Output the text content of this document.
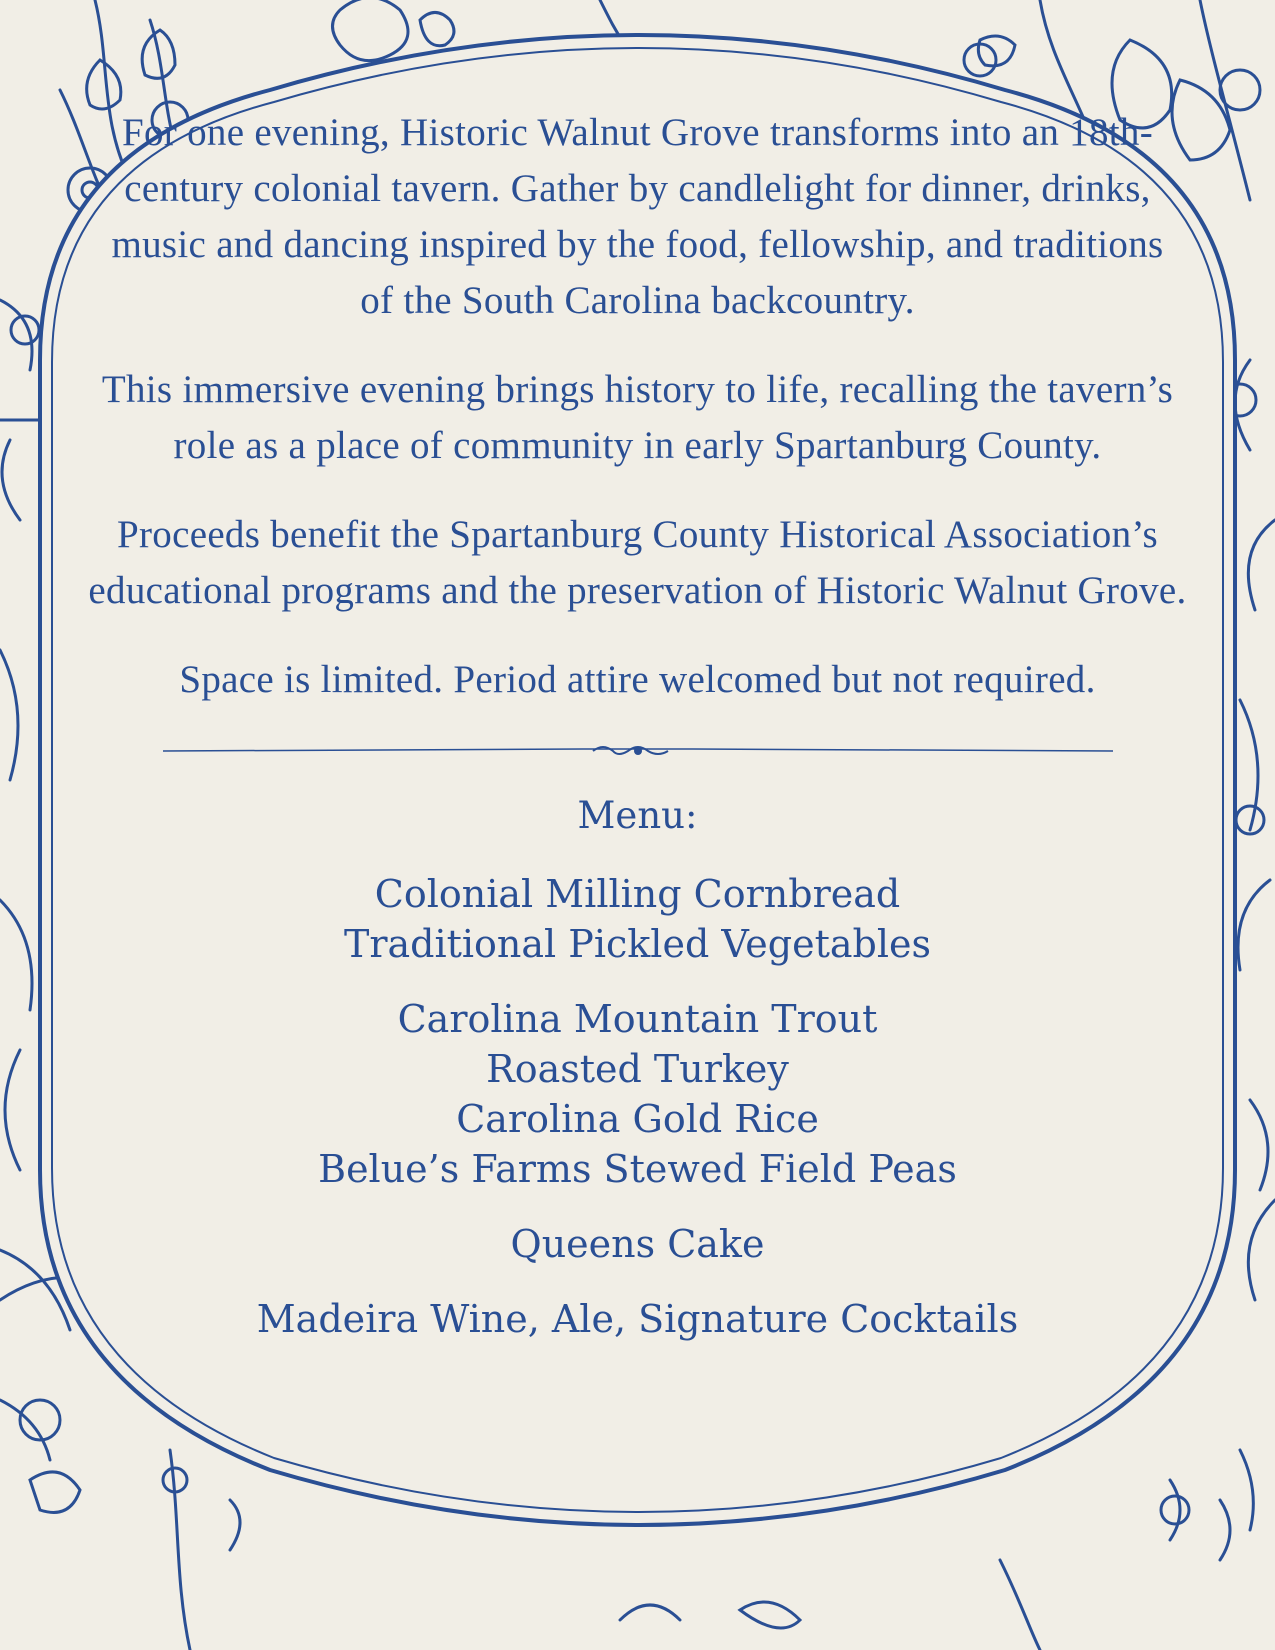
For one evening, Historic Walnut Grove transforms into an 18th-century colonial tavern. Gather by candlelight for dinner, drinks, music and dancing inspired by the food, fellowship, and traditions of the South Carolina backcountry.

This immersive evening brings history to life, recalling the tavern’s role as a place of community in early Spartanburg County.

Proceeds benefit the Spartanburg County Historical Association’s educational programs and the preservation of Historic Walnut Grove.

Space is limited. Period attire welcomed but not required.

Menu:
Colonial Milling Cornbread
Traditional Pickled Vegetables
Carolina Mountain Trout
Roasted Turkey
Carolina Gold Rice
Belue’s Farms Stewed Field Peas
Queens Cake
Madeira Wine, Ale, Signature Cocktails
